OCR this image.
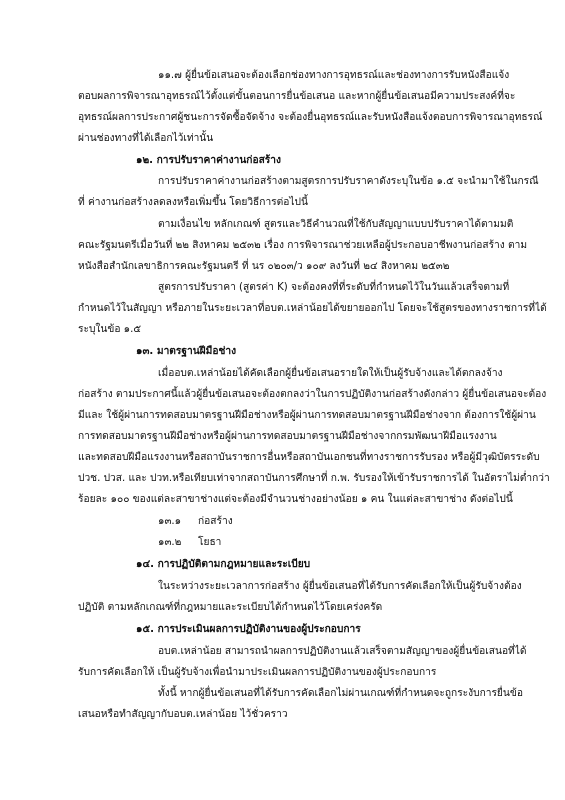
๑๑.๗ ผู้ยื่นข้อเสนอจะต้องเลือกช่องทางการอุทธรณ์และช่องทางการรับหนังสือแจ้ง
ตอบผลการพิจารณาอุทธรณ์ไว้ตั้งแต่ขั้นตอนการยื่นข้อเสนอ และหากผู้ยื่นข้อเสนอมีความประสงค์ที่จะ
อุทธรณ์ผลการประกาศผู้ชนะการจัดซื้อจัดจ้าง จะต้องยื่นอุทธรณ์และรับหนังสือแจ้งตอบการพิจารณาอุทธรณ์
ผ่านช่องทางที่ได้เลือกไว้เท่านั้น
๑๒. การปรับราคาค่างานก่อสร้าง
การปรับราคาค่างานก่อสร้างตามสูตรการปรับราคาดังระบุในข้อ ๑.๕ จะนำมาใช้ในกรณี
ที่ ค่างานก่อสร้างลดลงหรือเพิ่มขึ้น โดยวิธีการต่อไปนี้
ตามเงื่อนไข หลักเกณฑ์ สูตรและวิธีคำนวณที่ใช้กับสัญญาแบบปรับราคาได้ตามมติ
คณะรัฐมนตรีเมื่อวันที่ ๒๒ สิงหาคม ๒๕๓๒ เรื่อง การพิจารณาช่วยเหลือผู้ประกอบอาชีพงานก่อสร้าง ตาม
หนังสือสำนักเลขาธิการคณะรัฐมนตรี ที่ นร ๐๒๐๓/ว ๑๐๙ ลงวันที่ ๒๔ สิงหาคม ๒๕๓๒
สูตรการปรับราคา (สูตรค่า K) จะต้องคงที่ที่ระดับที่กำหนดไว้ในวันแล้วเสร็จตามที่
กำหนดไว้ในสัญญา หรือภายในระยะเวลาที่อบต.เหล่าน้อยได้ขยายออกไป โดยจะใช้สูตรของทางราชการที่ได้
ระบุในข้อ ๑.๕
๑๓. มาตรฐานฝีมือช่าง
เมื่ออบต.เหล่าน้อยได้คัดเลือกผู้ยื่นข้อเสนอรายใดให้เป็นผู้รับจ้างและได้ตกลงจ้าง
ก่อสร้าง ตามประกาศนี้แล้วผู้ยื่นข้อเสนอจะต้องตกลงว่าในการปฏิบัติงานก่อสร้างดังกล่าว ผู้ยื่นข้อเสนอจะต้อง
มีและ ใช้ผู้ผ่านการทดสอบมาตรฐานฝีมือช่างหรือผู้ผ่านการทดสอบมาตรฐานฝีมือช่างจาก ต้องการใช้ผู้ผ่าน
การทดสอบมาตรฐานฝีมือช่างหรือผู้ผ่านการทดสอบมาตรฐานฝีมือช่างจากกรมพัฒนาฝีมือแรงงาน
และทดสอบฝีมือแรงงานหรือสถาบันราชการอื่นหรือสถาบันเอกชนที่ทางราชการรับรอง หรือผู้มีวุฒิบัตรระดับ
ปวช. ปวส. และ ปวท.หรือเทียบเท่าจากสถาบันการศึกษาที่ ก.พ. รับรองให้เข้ารับราชการได้ ในอัตราไม่ต่ำกว่า
ร้อยละ ๑๐๐ ของแต่ละสาขาช่างแต่จะต้องมีจำนวนช่างอย่างน้อย ๑ คน ในแต่ละสาขาช่าง ดังต่อไปนี้
๑๓.๑ ก่อสร้าง
๑๓.๒ โยธา
๑๔. การปฏิบัติตามกฎหมายและระเบียบ
ในระหว่างระยะเวลาการก่อสร้าง ผู้ยื่นข้อเสนอที่ได้รับการคัดเลือกให้เป็นผู้รับจ้างต้อง
ปฏิบัติ ตามหลักเกณฑ์ที่กฎหมายและระเบียบได้กำหนดไว้โดยเคร่งครัด
๑๕. การประเมินผลการปฏิบัติงานของผู้ประกอบการ
อบต.เหล่าน้อย สามารถนำผลการปฏิบัติงานแล้วเสร็จตามสัญญาของผู้ยื่นข้อเสนอที่ได้
รับการคัดเลือกให้ เป็นผู้รับจ้างเพื่อนำมาประเมินผลการปฏิบัติงานของผู้ประกอบการ
ทั้งนี้ หากผู้ยื่นข้อเสนอที่ได้รับการคัดเลือกไม่ผ่านเกณฑ์ที่กำหนดจะถูกระงับการยื่นข้อ
เสนอหรือทำสัญญากับอบต.เหล่าน้อย ไว้ชั่วคราว
